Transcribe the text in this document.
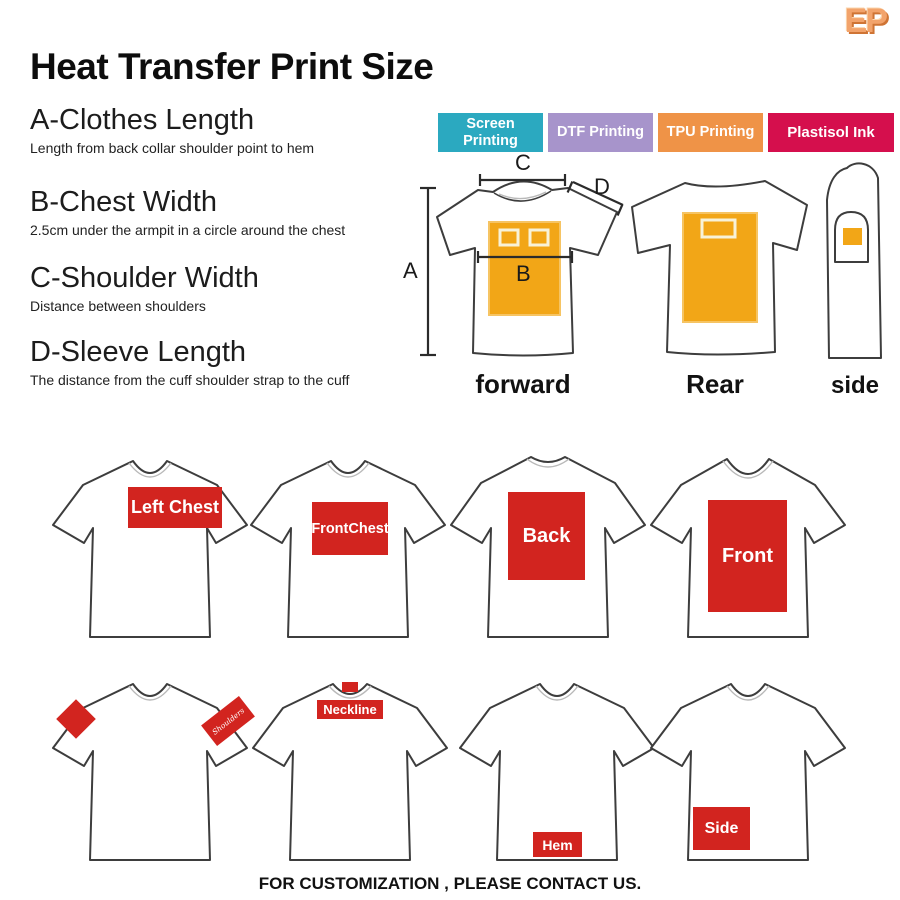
EP
Heat Transfer Print Size
A-Clothes Length

Length from back collar shoulder point to hem

B-Chest Width

2.5cm under the armpit in a circle around the chest

C-Shoulder Width

Distance between shoulders

D-Sleeve Length

The distance from the cuff shoulder strap to the cuff

Screen Printing
DTF Printing	TPU Printing	Plastisol Ink
A
C
D
B
forward	Rear	side
Left Chest
FrontChest	Back
Front
Shoulders	Neckline
Hem
Side
FOR CUSTOMIZATION , PLEASE CONTACT US.
